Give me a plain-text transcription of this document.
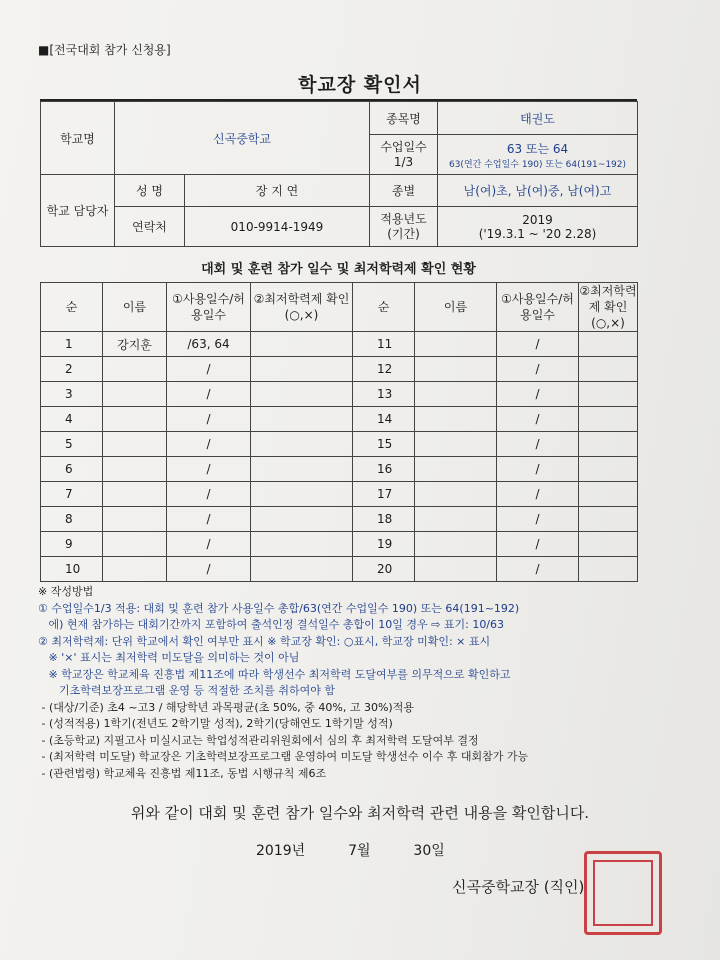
■[전국대회 참가 신청용]
학교장 확인서
학교명	신곡중학교		종목명	태권도
			수업일수 1/3	63 또는 64
63(연간 수업일수 190) 또는 64(191~192)

학교 담당자	성 명	장 지 연	종별	남(여)초, 남(여)중, 남(여)고
	연락처	010-9914-1949	적용년도 (기간)	2019
('19.3.1 ~ '20 2.28)
대회 및 훈련 참가 일수 및 최저학력제 확인 현황
순	이름	①사용일수/허용일수	②최저학력제 확인(○,×)	순	이름	①사용일수/허용일수	②최저학력제 확인(○,×)
1	강지훈	/63, 64		11		/	
2		/		12		/	
3		/		13		/	
4		/		14		/	
5		/		15		/	
6		/		16		/	
7		/		17		/	
8		/		18		/	
9		/		19		/	
10		/		20		/	
※ 작성방법
① 수업일수1/3 적용: 대회 및 훈련 참가 사용일수 총합/63(연간 수업일수 190) 또는 64(191~192)
에) 현재 참가하는 대회기간까지 포함하여 출석인정 결석일수 총합이 10일 경우 ⇨ 표기: 10/63
② 최저학력제: 단위 학교에서 확인 여부만 표시 ※ 학교장 확인: ○표시, 학교장 미확인: × 표시
※ '×' 표시는 최저학력 미도달을 의미하는 것이 아님
※ 학교장은 학교체육 진흥법 제11조에 따라 학생선수 최저학력 도달여부를 의무적으로 확인하고
기초학력보장프로그램 운영 등 적절한 조치를 취하여야 함
- (대상/기준) 초4 ~고3 / 해당학년 과목평균(초 50%, 중 40%, 고 30%)적용
- (성적적용) 1학기(전년도 2학기말 성적), 2학기(당해연도 1학기말 성적)
- (초등학교) 지필고사 미실시교는 학업성적관리위원회에서 심의 후 최저학력 도달여부 결정
- (최저학력 미도달) 학교장은 기초학력보장프로그램 운영하여 미도달 학생선수 이수 후 대회참가 가능
- (관련법령) 학교체육 진흥법 제11조, 동법 시행규칙 제6조
위와 같이 대회 및 훈련 참가 일수와 최저학력 관련 내용을 확인합니다.
2019년	7월	30일
신곡중학교장 (직인)
